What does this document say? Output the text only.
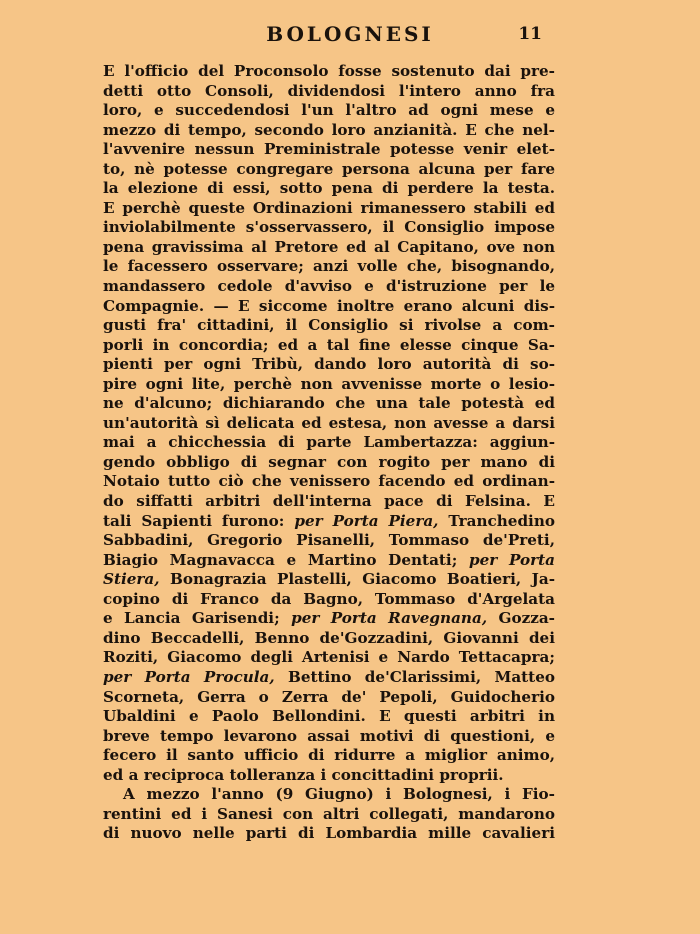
BOLOGNESI	11
E l'officio del Proconsolo fosse sostenuto dai pre-
detti otto Consoli, dividendosi l'intero anno fra
loro, e succedendosi l'un l'altro ad ogni mese e
mezzo di tempo, secondo loro anzianità. E che nel-
l'avvenire nessun Preministrale potesse venir elet-
to, nè potesse congregare persona alcuna per fare
la elezione di essi, sotto pena di perdere la testa.
E perchè queste Ordinazioni rimanessero stabili ed
inviolabilmente s'osservassero, il Consiglio impose
pena gravissima al Pretore ed al Capitano, ove non
le facessero osservare; anzi volle che, bisognando,
mandassero cedole d'avviso e d'istruzione per le
Compagnie. — E siccome inoltre erano alcuni dis-
gusti fra' cittadini, il Consiglio si rivolse a com-
porli in concordia; ed a tal fine elesse cinque Sa-
pienti per ogni Tribù, dando loro autorità di so-
pire ogni lite, perchè non avvenisse morte o lesio-
ne d'alcuno; dichiarando che una tale potestà ed
un'autorità sì delicata ed estesa, non avesse a darsi
mai a chicchessia di parte Lambertazza: aggiun-
gendo obbligo di segnar con rogito per mano di
Notaio tutto ciò che venissero facendo ed ordinan-
do siffatti arbitri dell'interna pace di Felsina. E
tali Sapienti furono: per Porta Piera, Tranchedino
Sabbadini, Gregorio Pisanelli, Tommaso de'Preti,
Biagio Magnavacca e Martino Dentati; per Porta
Stiera, Bonagrazia Plastelli, Giacomo Boatieri, Ja-
copino di Franco da Bagno, Tommaso d'Argelata
e Lancia Garisendi; per Porta Ravegnana, Gozza-
dino Beccadelli, Benno de'Gozzadini, Giovanni dei
Roziti, Giacomo degli Artenisi e Nardo Tettacapra;
per Porta Procula, Bettino de'Clarissimi, Matteo
Scorneta, Gerra o Zerra de' Pepoli, Guidocherio
Ubaldini e Paolo Bellondini. E questi arbitri in
breve tempo levarono assai motivi di questioni, e
fecero il santo ufficio di ridurre a miglior animo,
ed a reciproca tolleranza i concittadini proprii.
A mezzo l'anno (9 Giugno) i Bolognesi, i Fio-
rentini ed i Sanesi con altri collegati, mandarono
di nuovo nelle parti di Lombardia mille cavalieri
